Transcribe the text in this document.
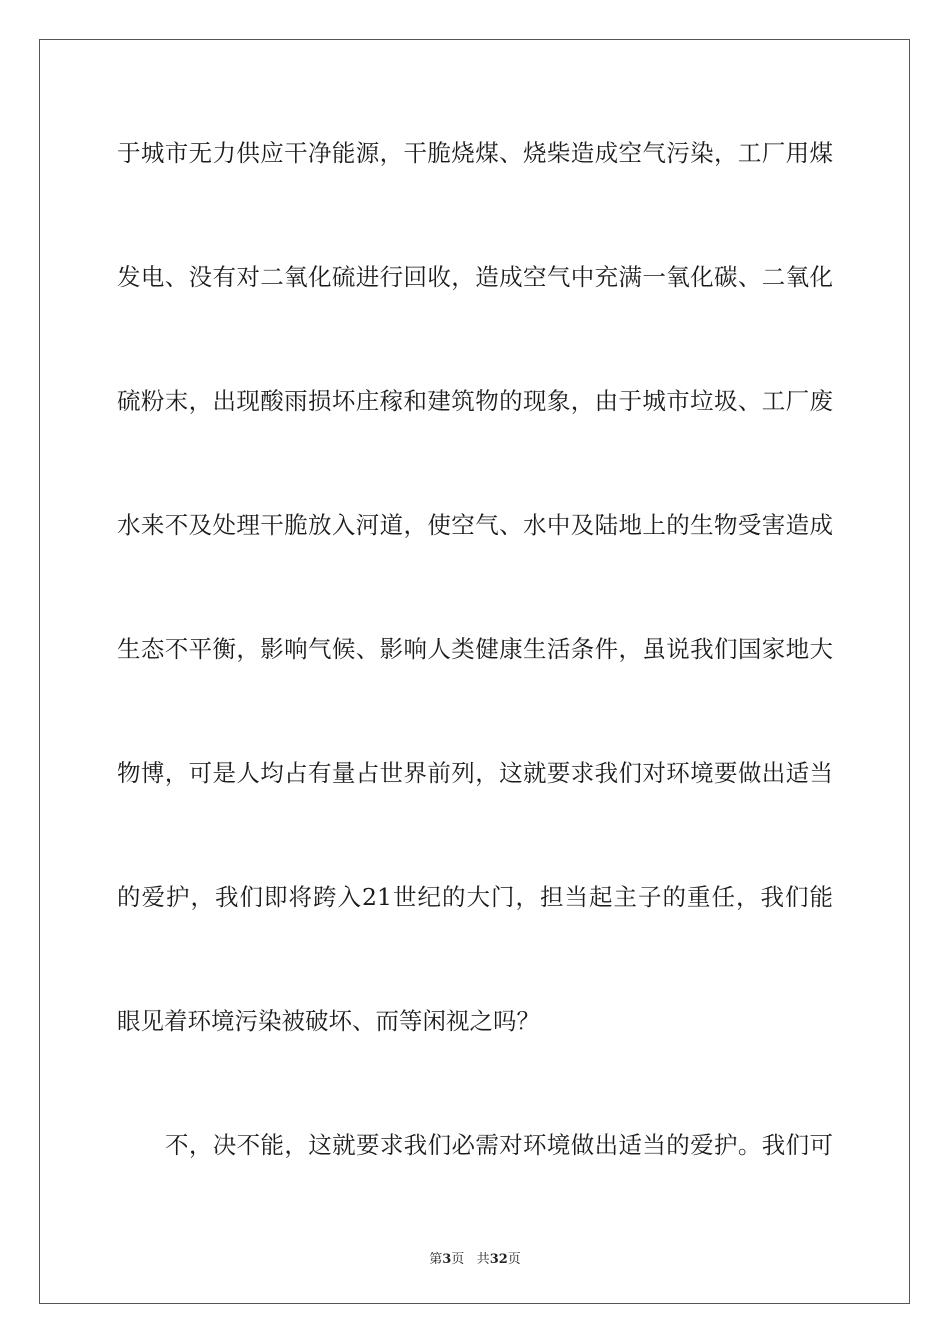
于城市无力供应干净能源，干脆烧煤、烧柴造成空气污染，工厂用煤
发电、没有对二氧化硫进行回收，造成空气中充满一氧化碳、二氧化
硫粉末，出现酸雨损坏庄稼和建筑物的现象，由于城市垃圾、工厂废
水来不及处理干脆放入河道，使空气、水中及陆地上的生物受害造成
生态不平衡，影响气候、影响人类健康生活条件，虽说我们国家地大
物博，可是人均占有量占世界前列，这就要求我们对环境要做出适当
的爱护，我们即将跨入21世纪的大门，担当起主子的重任，我们能
眼见着环境污染被破坏、而等闲视之吗？
不，决不能，这就要求我们必需对环境做出适当的爱护。我们可
第3页 共32页
